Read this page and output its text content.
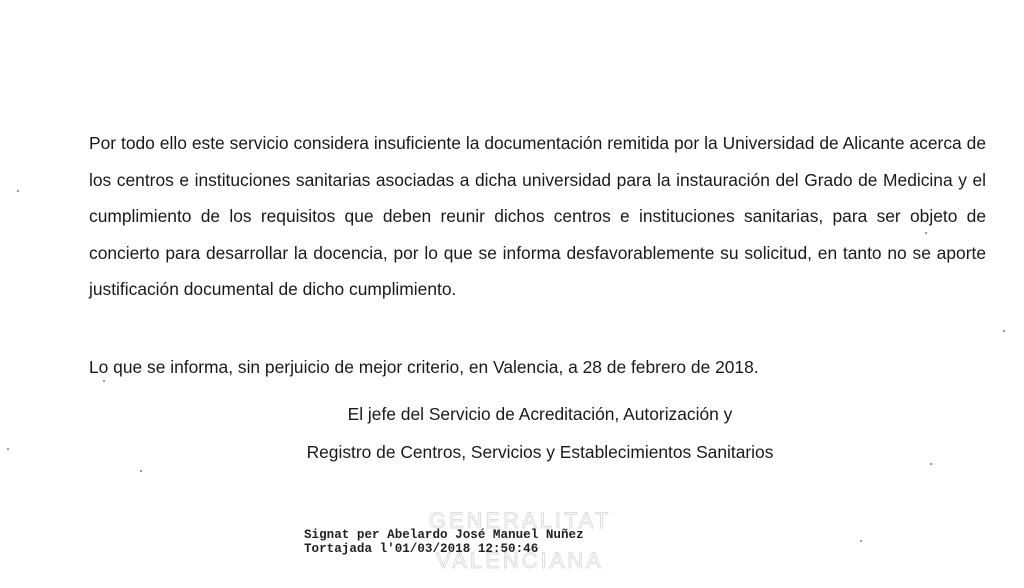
Por todo ello este servicio considera insuficiente la documentación remitida por la Universidad de Alicante acerca de los centros e instituciones sanitarias asociadas a dicha universidad para la instauración del Grado de Medicina y el cumplimiento de los requisitos que deben reunir dichos centros e instituciones sanitarias, para ser objeto de concierto para desarrollar la docencia, por lo que se informa desfavorablemente su solicitud, en tanto no se aporte justificación documental de dicho cumplimiento.

Lo que se informa, sin perjuicio de mejor criterio, en Valencia, a 28 de febrero de 2018.

El jefe del Servicio de Acreditación, Autorización y
Registro de Centros, Servicios y Establecimientos Sanitarios
GENERALITAT
VALENCIANA
Signat per Abelardo José Manuel Nuñez
Tortajada l'01/03/2018 12:50:46
